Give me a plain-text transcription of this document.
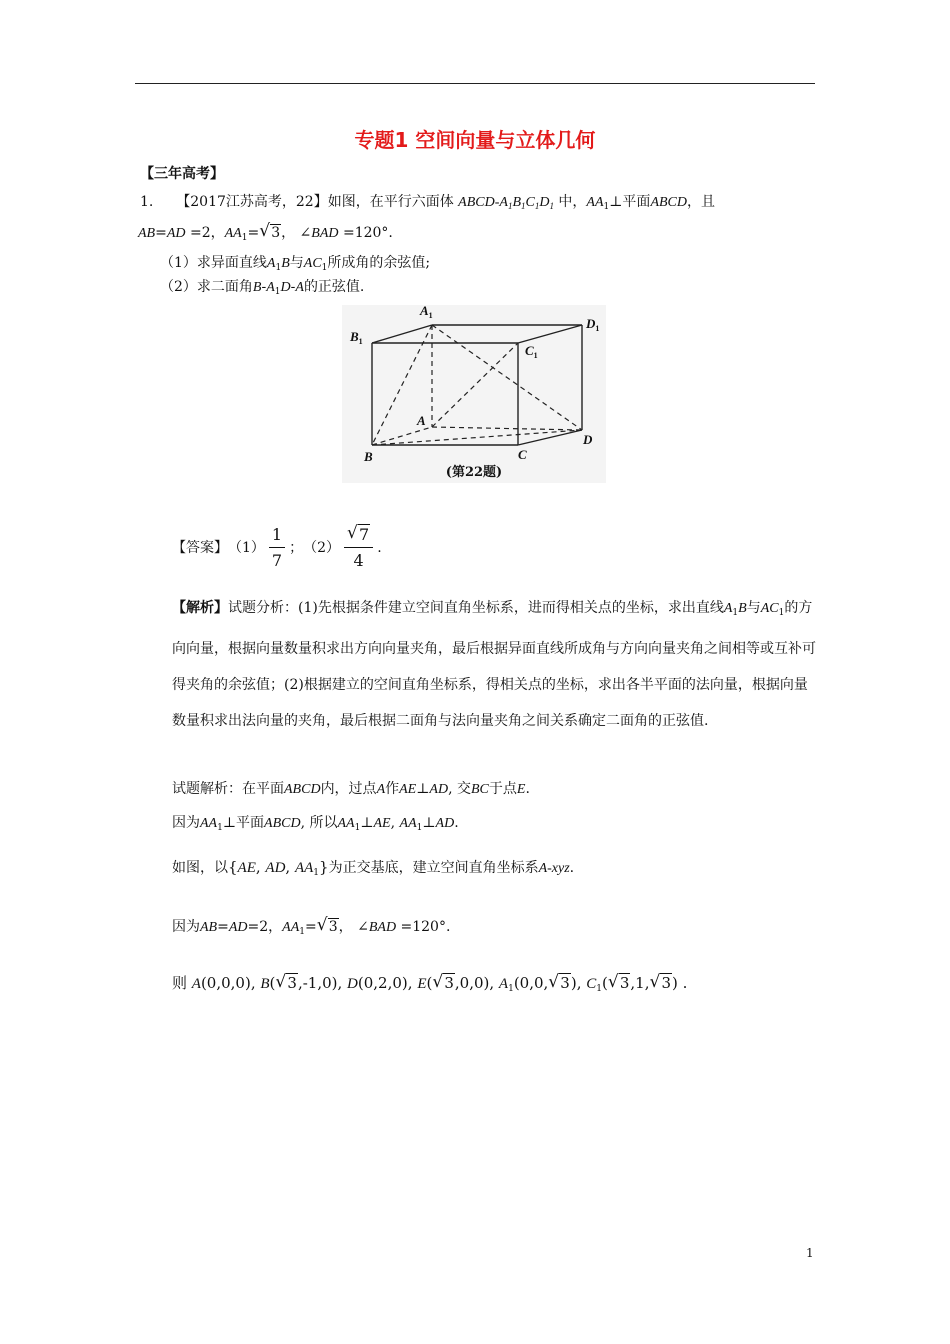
专题1 空间向量与立体几何
【三年高考】
1. 【2017江苏高考，22】如图，在平行六面体 ABCD-$A_1B_1C_1D_1$ 中，$AA_1\perp$平面ABCD，且
AB=AD =2，$AA_1=√$ 3， ∠BAD =120°.
（1）求异面直线$A_1B$与$AC_1$所成角的余弦值;
（2）求二面角$B-A_1D-A$的正弦值.
$A_1$
$B_1$
$C_1$
$D_1$
A
B	C
D
(第22题)
【答案】 $(1) \frac{1}{7}$ ； （2）
√ $\frac{7}{4}$ .
【解析】试题分析：(1)先根据条件建立空间直角坐标系，进而得相关点的坐标，求出直线$A_1B$与$AC_1$的方向向量，根据向量数量积求出方向向量夹角，最后根据异面直线所成角与方向向量夹角之间相等或互补可得夹角的余弦值；(2)根据建立的空间直角坐标系，得相关点的坐标，求出各半平面的法向量，根据向量数量积求出法向量的夹角，最后根据二面角与法向量夹角之间关系确定二面角的正弦值.
试题解析：在平面ABCD内，过点A作AE⊥AD, 交BC于点E.
因为$AA_1\perp$平面ABCD, 所以$AA_1\perp AE$, $AA_1\perp AD$.
如图，以{AE, AD, $AA_1$}为正交基底，建立空间直角坐标系A-xyz.
因为AB=AD=2，$AA_1=√$ 3， ∠BAD =120°.
则 A(0,0,0), B(√ 3,-1,0), D(0,2,0), E(√ 3,0,0), $A_1(0,0,√$ 3), $C_1(√$ 3,1,√ 3) .
1
